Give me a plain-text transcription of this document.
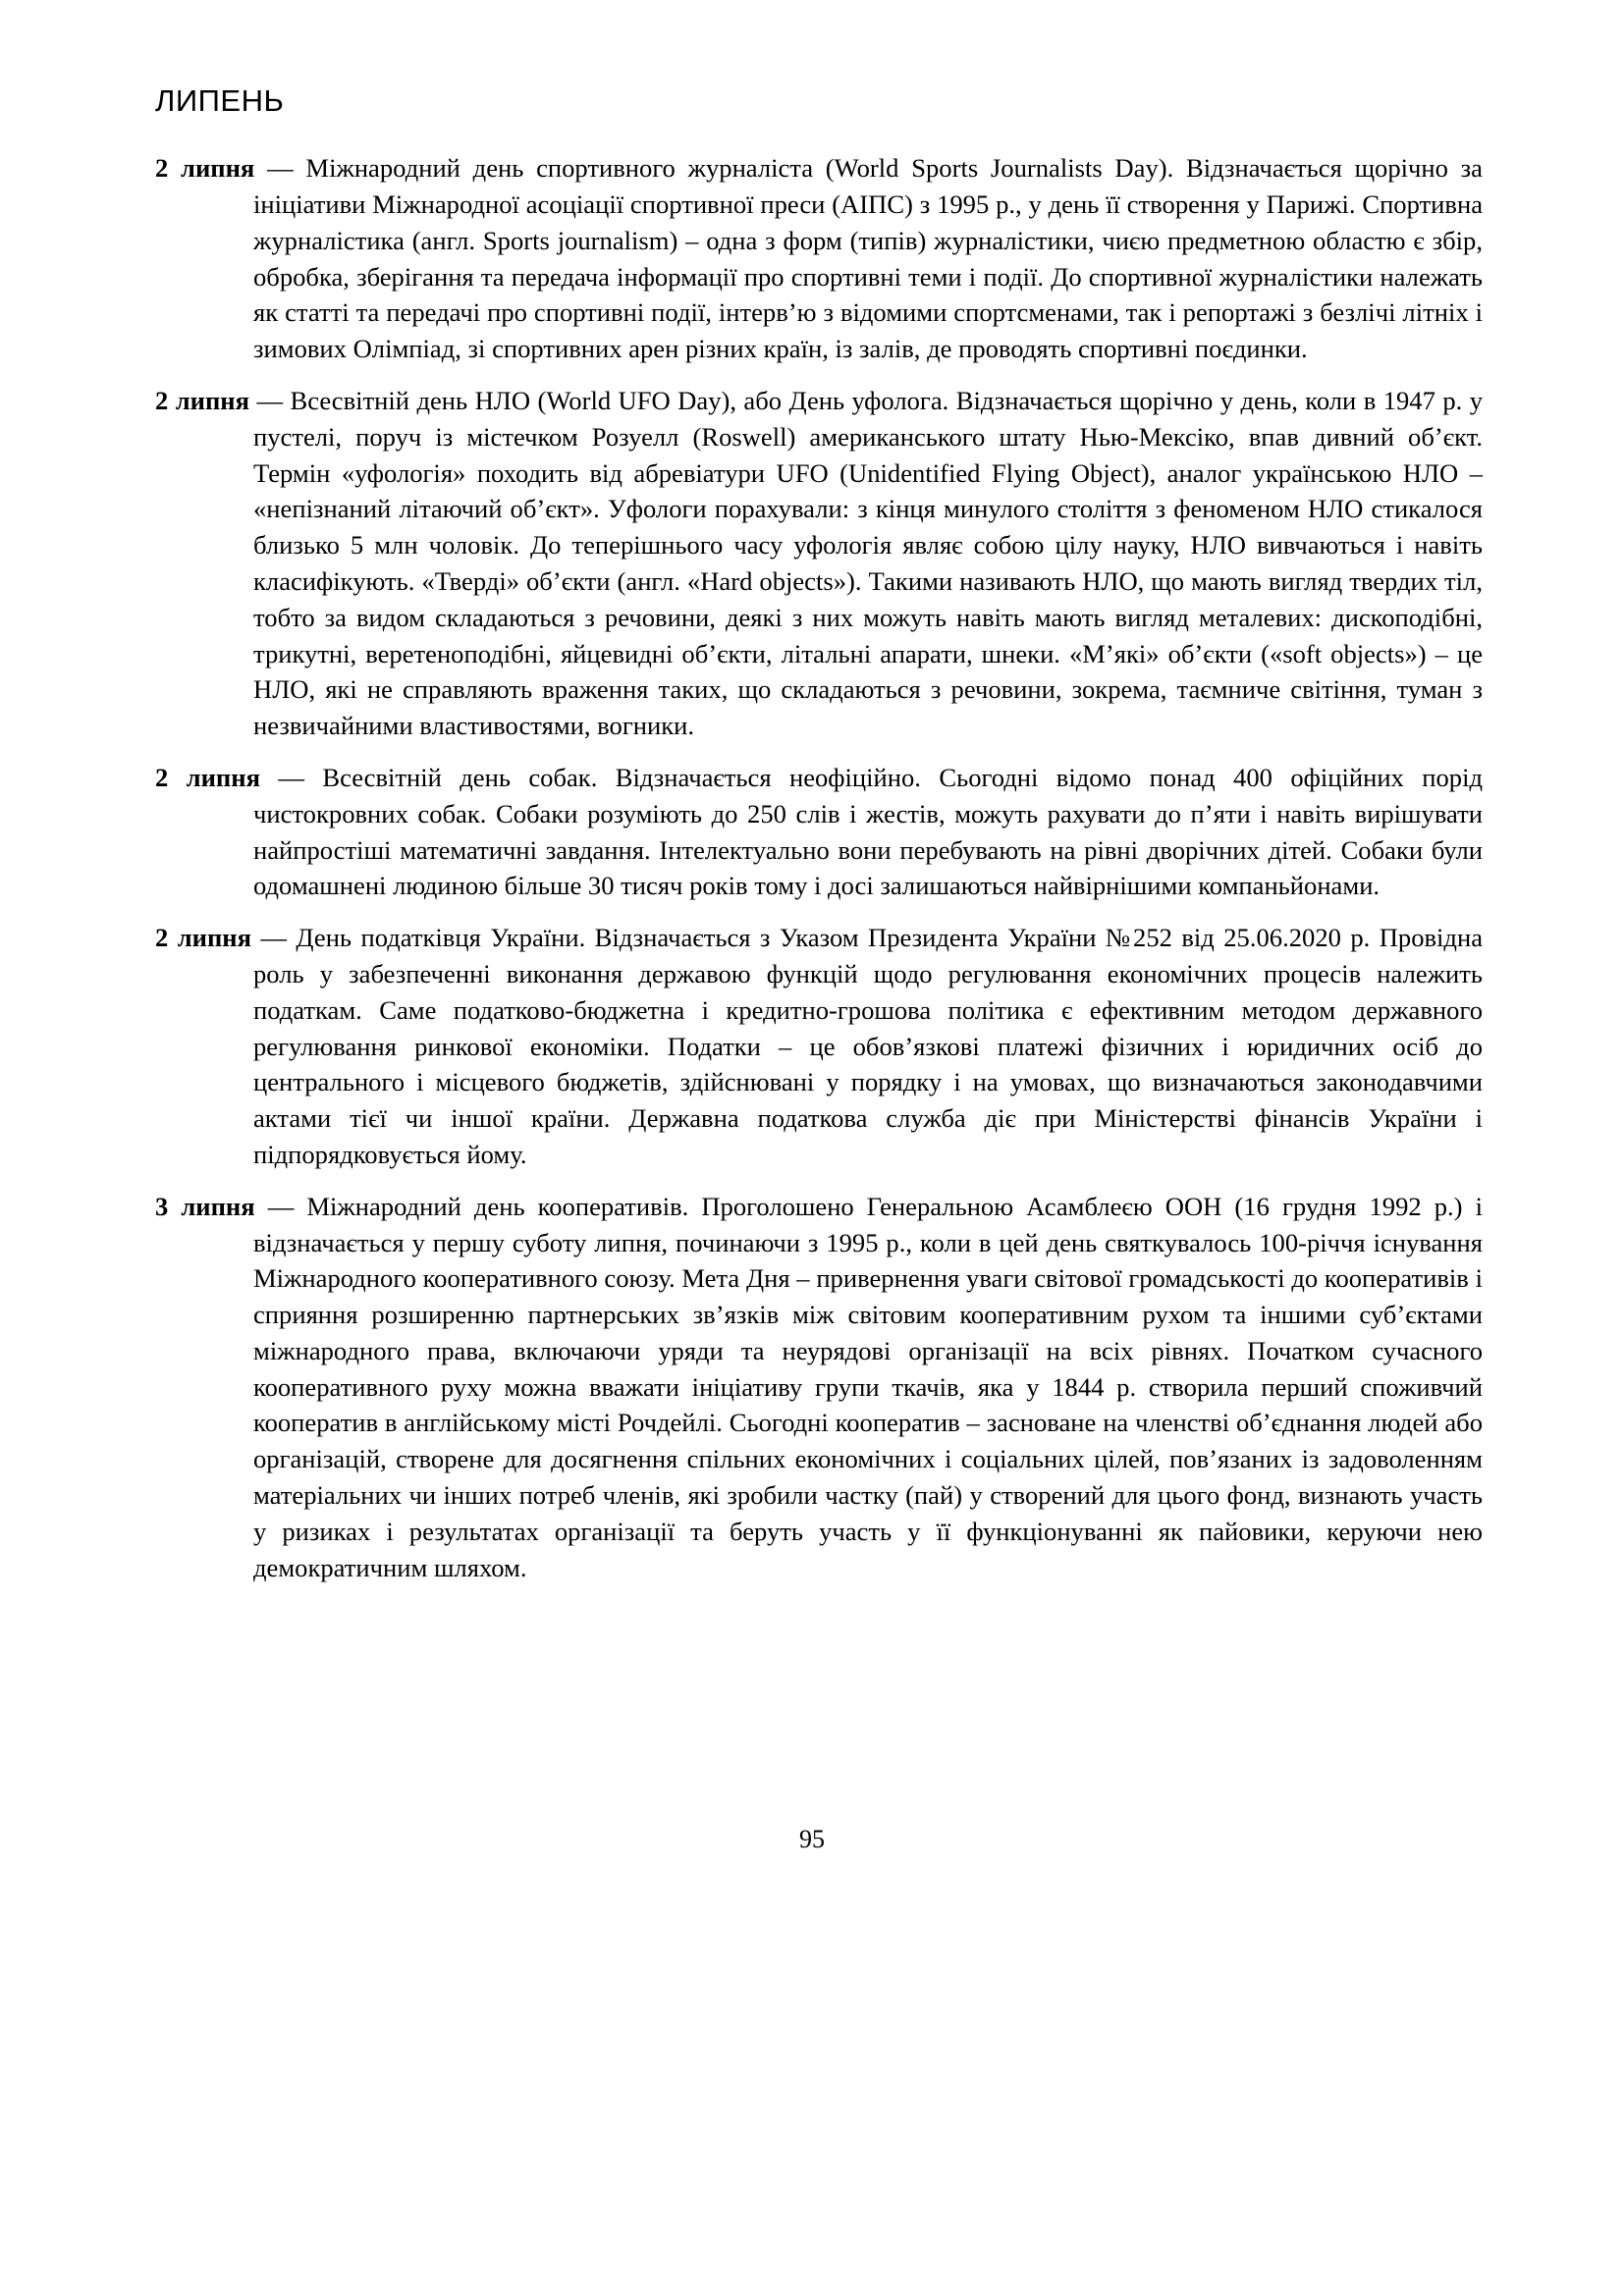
ЛИПЕНЬ

2 липня — Міжнародний день спортивного журналіста (World Sports Journalists Day). Відзначається щорічно за ініціативи Міжнародної асоціації спортивної преси (АІПС) з 1995 р., у день її створення у Парижі. Спортивна журналістика (англ. Sports journalism) – одна з форм (типів) журналістики, чиєю предметною областю є збір, обробка, зберігання та передача інформації про спортивні теми і події. До спортивної журналістики належать як статті та передачі про спортивні події, інтерв’ю з відомими спортсменами, так і репортажі з безлічі літніх і зимових Олімпіад, зі спортивних арен різних країн, із залів, де проводять спортивні поєдинки.

2 липня — Всесвітній день НЛО (World UFO Day), або День уфолога. Відзначається щорічно у день, коли в 1947 р. у пустелі, поруч із містечком Розуелл (Roswell) американського штату Нью-Мексіко, впав дивний об’єкт. Термін «уфологія» походить від абревіатури UFO (Unidentified Flying Object), аналог українською НЛО – «непізнаний літаючий об’єкт». Уфологи порахували: з кінця минулого століття з феноменом НЛО стикалося близько 5 млн чоловік. До теперішнього часу уфологія являє собою цілу науку, НЛО вивчаються і навіть класифікують. «Тверді» об’єкти (англ. «Hard objects»). Такими називають НЛО, що мають вигляд твердих тіл, тобто за видом складаються з речовини, деякі з них можуть навіть мають вигляд металевих: дископодібні, трикутні, веретеноподібні, яйцевидні об’єкти, літальні апарати, шнеки. «М’які» об’єкти («soft objects») – це НЛО, які не справляють враження таких, що складаються з речовини, зокрема, таємниче світіння, туман з незвичайними властивостями, вогники.

2 липня — Всесвітній день собак. Відзначається неофіційно. Сьогодні відомо понад 400 офіційних порід чистокровних собак. Собаки розуміють до 250 слів і жестів, можуть рахувати до п’яти і навіть вирішувати найпростіші математичні завдання. Інтелектуально вони перебувають на рівні дворічних дітей. Собаки були одомашнені людиною більше 30 тисяч років тому і досі залишаються найвірнішими компаньйонами.

2 липня — День податківця України. Відзначається з Указом Президента України №252 від 25.06.2020 р. Провідна роль у забезпеченні виконання державою функцій щодо регулювання економічних процесів належить податкам. Саме податково-бюджетна і кредитно-грошова політика є ефективним методом державного регулювання ринкової економіки. Податки – це обов’язкові платежі фізичних і юридичних осіб до центрального і місцевого бюджетів, здійснювані у порядку і на умовах, що визначаються законодавчими актами тієї чи іншої країни. Державна податкова служба діє при Міністерстві фінансів України і підпорядковується йому.

3 липня — Міжнародний день кооперативів. Проголошено Генеральною Асамблеєю ООН (16 грудня 1992 р.) і відзначається у першу суботу липня, починаючи з 1995 р., коли в цей день святкувалось 100-річчя існування Міжнародного кооперативного союзу. Мета Дня – привернення уваги світової громадськості до кооперативів і сприяння розширенню партнерських зв’язків між світовим кооперативним рухом та іншими суб’єктами міжнародного права, включаючи уряди та неурядові організації на всіх рівнях. Початком сучасного кооперативного руху можна вважати ініціативу групи ткачів, яка у 1844 р. створила перший споживчий кооператив в англійському місті Рочдейлі. Сьогодні кооператив – засноване на членстві об’єднання людей або організацій, створене для досягнення спільних економічних і соціальних цілей, пов’язаних із задоволенням матеріальних чи інших потреб членів, які зробили частку (пай) у створений для цього фонд, визнають участь у ризиках і результатах організації та беруть участь у її функціонуванні як пайовики, керуючи нею демократичним шляхом.

95
